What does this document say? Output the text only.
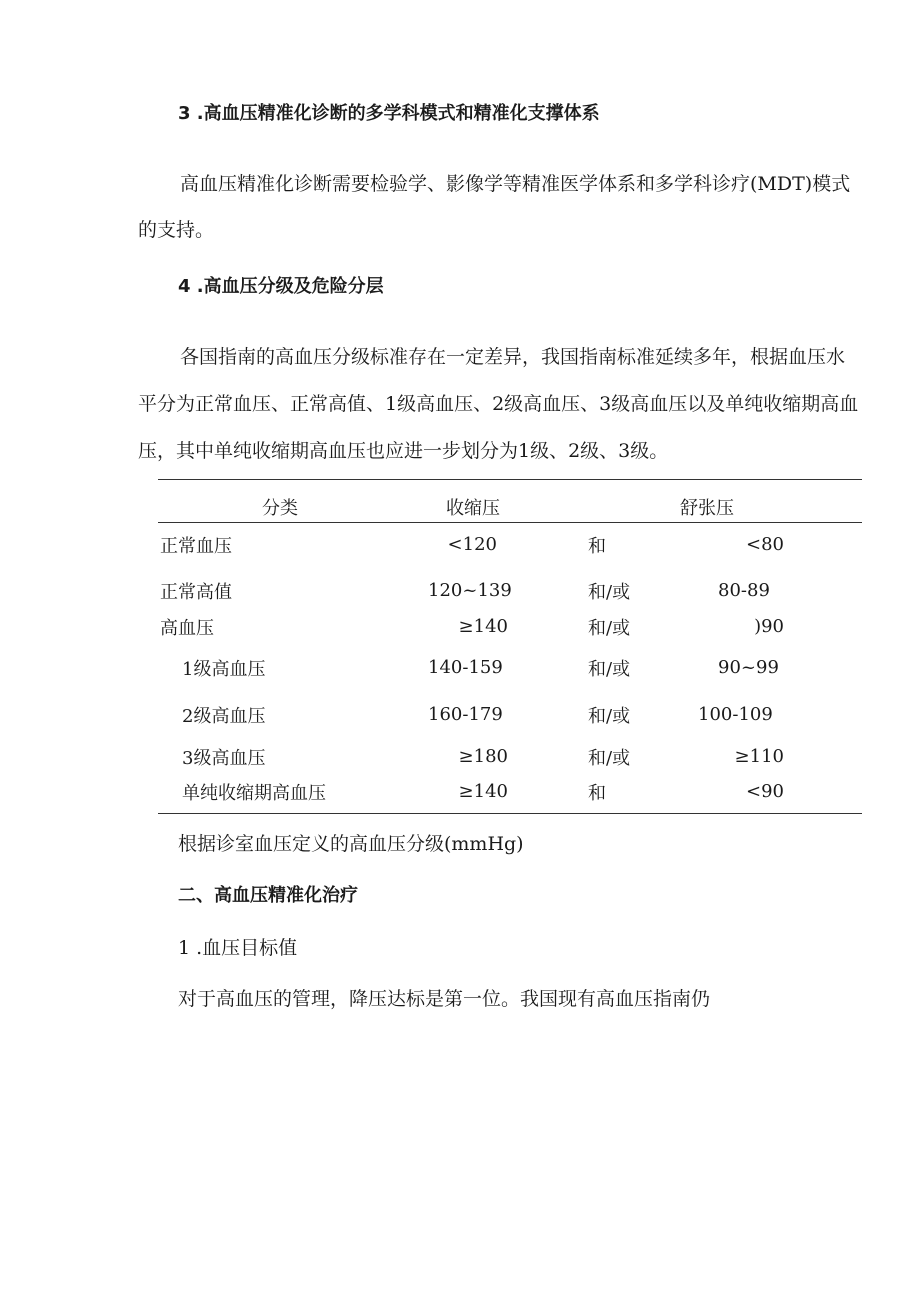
3 .高血压精准化诊断的多学科模式和精准化支撑体系
高血压精准化诊断需要检验学、影像学等精准医学体系和多学科诊疗(MDT)模式
的支持。
4 .高血压分级及危险分层
各国指南的高血压分级标准存在一定差异，我国指南标准延续多年，根据血压水
平分为正常血压、正常高值、1级高血压、2级高血压、3级高血压以及单纯收缩期高血
压，其中单纯收缩期高血压也应进一步划分为1级、2级、3级。
分类	收缩压	舒张压
正常血压	<120	和	<80
正常高值	120~139	和/或	80-89
高血压	≥140	和/或	)90
1级高血压	140-159	和/或	90~99
2级高血压	160-179	和/或	100-109
3级高血压	≥180	和/或	≥110
单纯收缩期高血压	≥140	和	<90
根据诊室血压定义的高血压分级(mmHg)
二、高血压精准化治疗
1 .血压目标值
对于高血压的管理，降压达标是第一位。我国现有高血压指南仍
